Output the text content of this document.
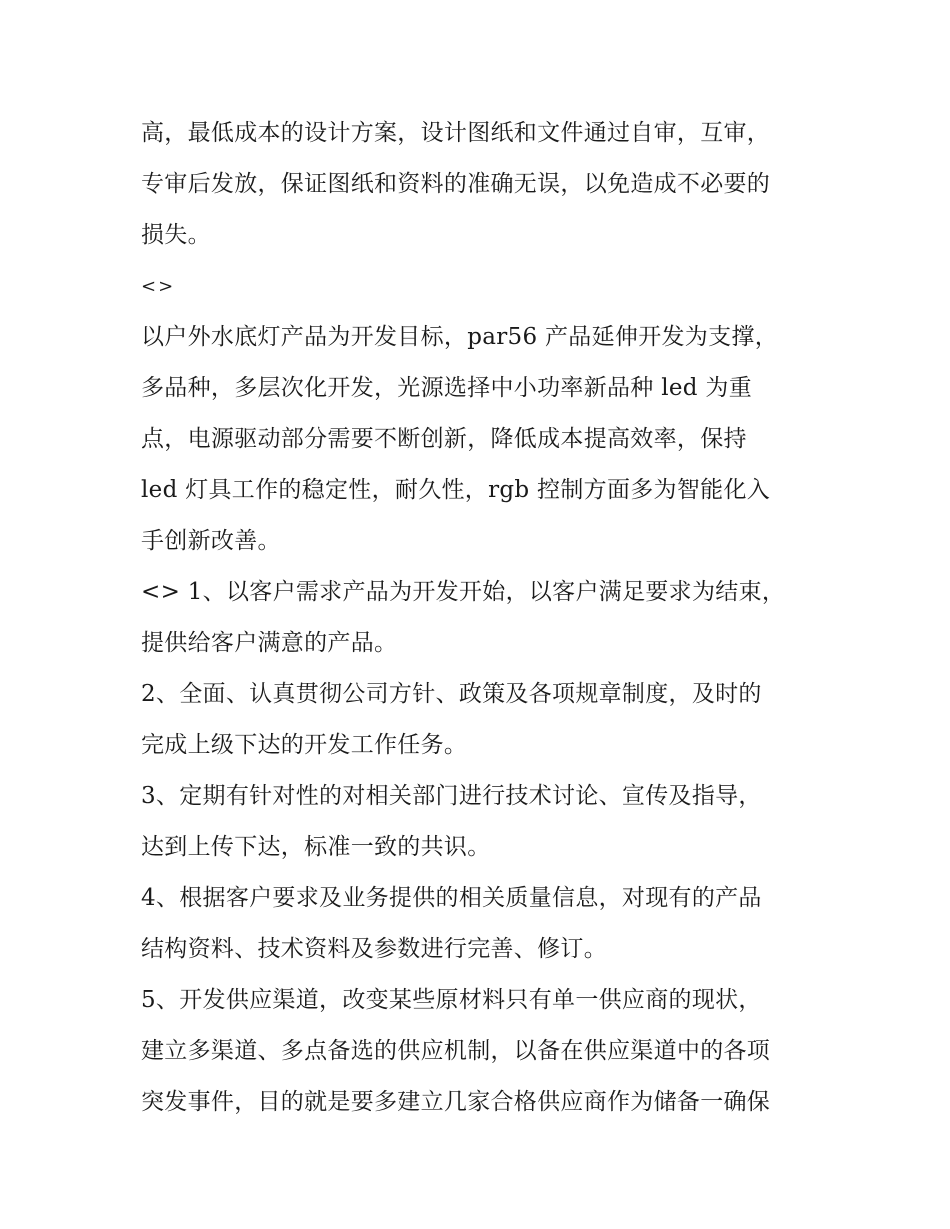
高，最低成本的设计方案，设计图纸和文件通过自审，互审，
专审后发放，保证图纸和资料的准确无误，以免造成不必要的
损失。
<>
以户外水底灯产品为开发目标，par56 产品延伸开发为支撑，
多品种，多层次化开发，光源选择中小功率新品种 led 为重
点，电源驱动部分需要不断创新，降低成本提高效率，保持
led 灯具工作的稳定性，耐久性，rgb 控制方面多为智能化入
手创新改善。
<> 1、以客户需求产品为开发开始，以客户满足要求为结束，
提供给客户满意的产品。
2、全面、认真贯彻公司方针、政策及各项规章制度，及时的
完成上级下达的开发工作任务。
3、定期有针对性的对相关部门进行技术讨论、宣传及指导，
达到上传下达，标准一致的共识。
4、根据客户要求及业务提供的相关质量信息，对现有的产品
结构资料、技术资料及参数进行完善、修订。
5、开发供应渠道，改变某些原材料只有单一供应商的现状，
建立多渠道、多点备选的供应机制，以备在供应渠道中的各项
突发事件，目的就是要多建立几家合格供应商作为储备一确保
